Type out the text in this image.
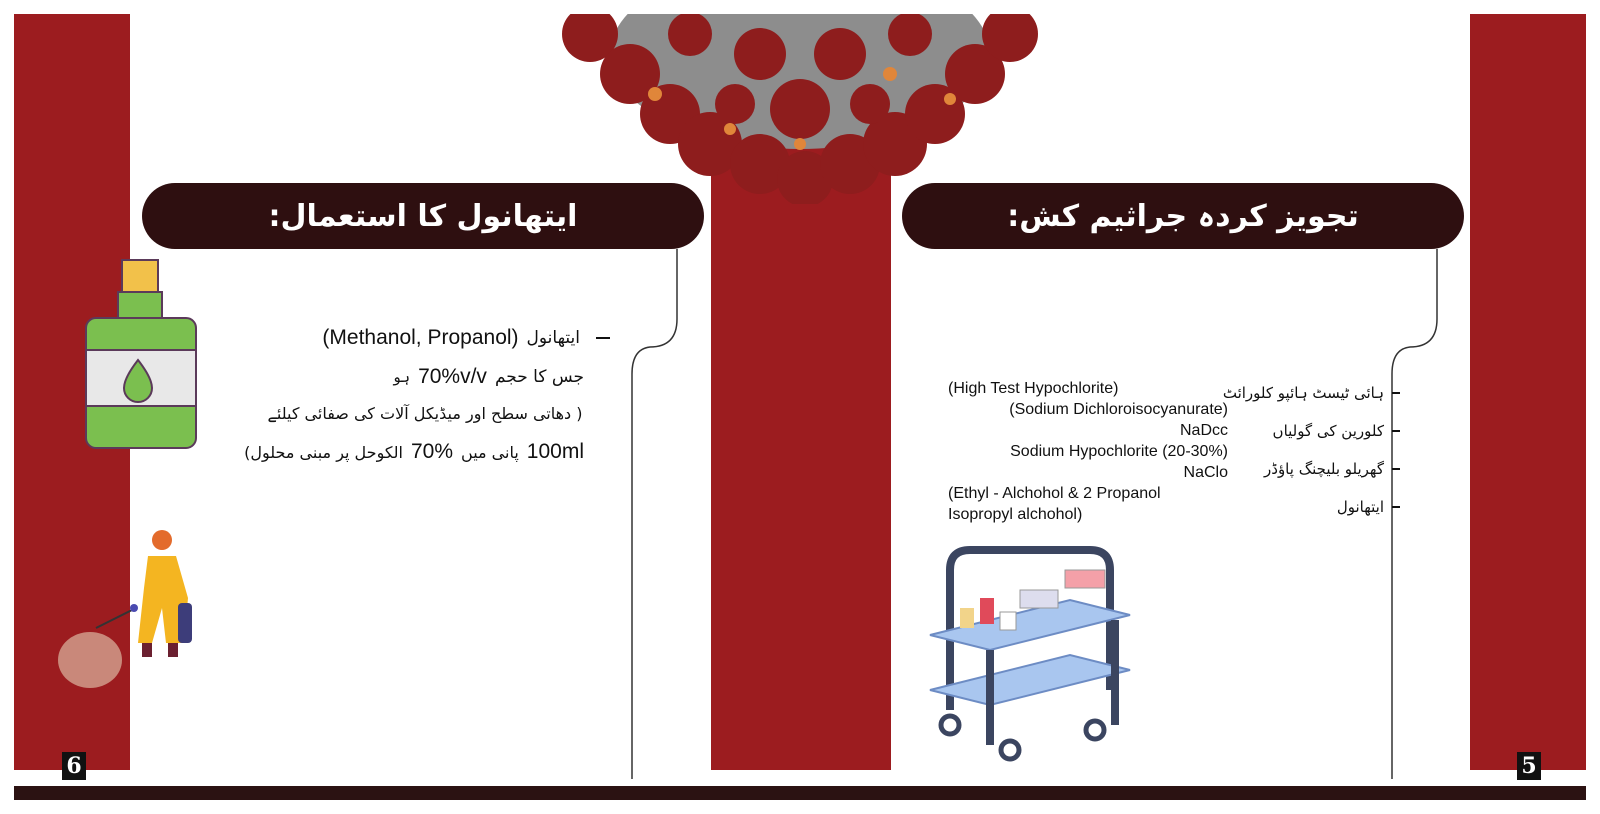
ایتھانول کا استعمال:
(Methanol, Propanol) ایتھانول
ہو 70%v/v جس کا حجم
( دھاتی سطح اور میڈیکل آلات کی صفائی کیلئے
الکوحل پر مبنی محلول) 70% پانی میں 100ml
6
تجویز کردہ جراثیم کش:
ہائی ٹیسٹ ہائپو کلورائٹ
کلورین کی گولیاں
گھریلو بلیچنگ پاؤڈر
ایتھانول
(High Test Hypochlorite)
(Sodium Dichloroisocyanurate)
NaDcc
Sodium Hypochlorite (20-30%)
NaClo
(Ethyl - Alchohol & 2 Propanol
Isopropyl alchohol)
5
